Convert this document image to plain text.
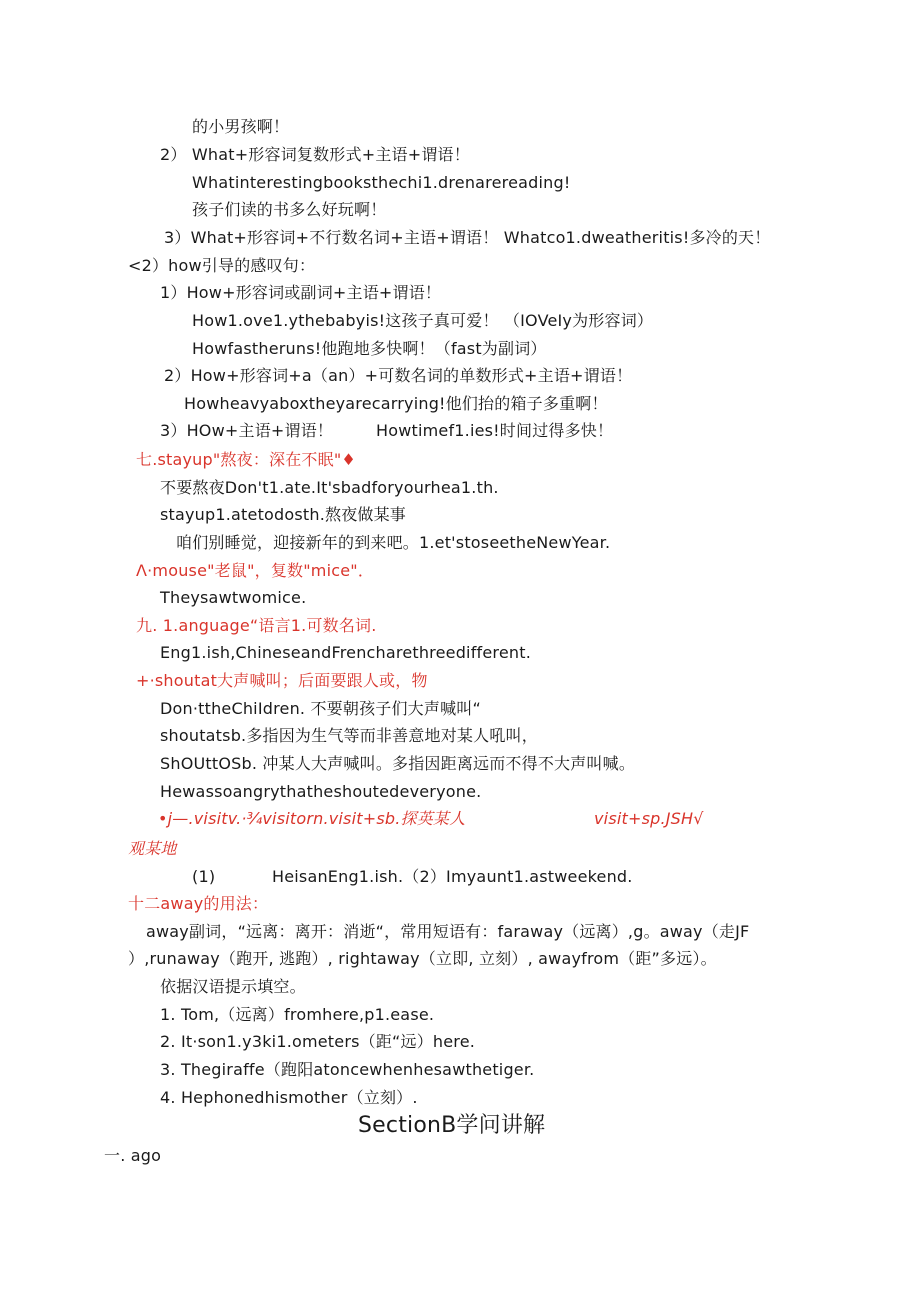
的小男孩啊！
2） What+形容词复数形式+主语+谓语！
Whatinterestingbooksthechi1.drenarereading!
孩子们读的书多么好玩啊！
3）What+形容词+不行数名词+主语+谓语！ Whatco1.dweatheritis!多冷的天！
<2）how引导的感叹句：
1）How+形容词或副词+主语+谓语！
How1.ove1.ythebabyis!这孩子真可爱！ （IOVeIy为形容词）
Howfastheruns!他跑地多快啊！（fast为副词）
2）How+形容词+a（an）+可数名词的单数形式+主语+谓语！
Howheavyaboxtheyarecarrying!他们抬的箱子多重啊！
3）HOw+主语+谓语！	Howtimef1.ies!时间过得多快！
七.stayup"熬夜：深在不眠"♦
不要熬夜Don't1.ate.It'sbadforyourhea1.th.
stayup1.atetodosth.熬夜做某事
咱们别睡觉，迎接新年的到来吧。1.et'stoseetheNewYear.
Λ·mouse"老鼠"，复数"mice"．
Theysawtwomice.
九. 1.anguage“语言1.可数名词.
Eng1.ish,ChineseandFrencharethreedifferent.
+·shoutat大声喊叫；后面要跟人或，物
Don·ttheChiIdren. 不要朝孩子们大声喊叫“
shoutatsb.多指因为生气等而非善意地对某人吼叫，
ShOUttOSb. 冲某人大声喊叫。多指因距离远而不得不大声叫喊。
Hewassoangrythatheshoutedeveryone.
•j—.visitv.·¾visitorn.visit+sb.探英某人	visit+sp.JSH√
观某地
(1)	HeisanEng1.ish.（2）Imyaunt1.astweekend.
十二away的用法：
away副词，“远离：离开：消逝“，常用短语有：faraway（远离）,g。away（走JF
）,runaway（跑开, 逃跑）, rightaway（立即, 立刻）, awayfrom（距”多远）。
依据汉语提示填空。
1. Tom,（远离）fromhere,p1.ease.
2. It·son1.y3ki1.ometers（距“远）here.
3. Thegiraffe（跑阳atoncewhenhesawthetiger.
4. Hephonedhismother（立刻）.
SectionB学问讲解
一. ago
